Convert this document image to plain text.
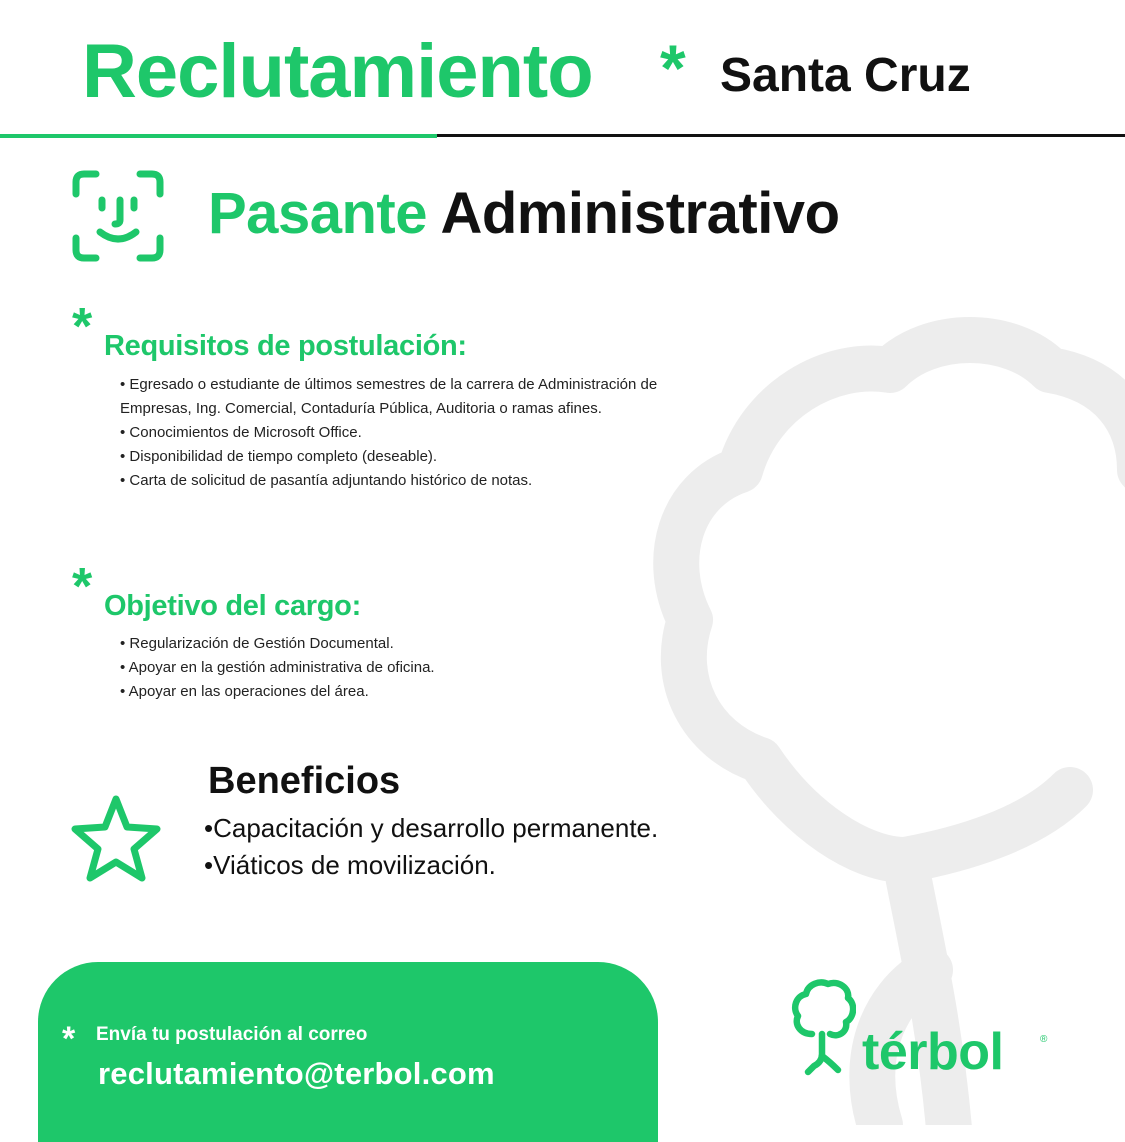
Reclutamiento * Santa Cruz
Pasante Administrativo
* Requisitos de postulación:
• Egresado o estudiante de últimos semestres de la carrera de Administración de
Empresas, Ing. Comercial, Contaduría Pública, Auditoria o ramas afines.
• Conocimientos de Microsoft Office.
• Disponibilidad de tiempo completo (deseable).
• Carta de solicitud de pasantía adjuntando histórico de notas.
* Objetivo del cargo:
• Regularización de Gestión Documental.
• Apoyar en la gestión administrativa de oficina.
• Apoyar en las operaciones del área.
Beneficios
• Capacitación y desarrollo permanente.
• Viáticos de movilización.
* Envía tu postulación al correo
reclutamiento@terbol.com	térbol	®
